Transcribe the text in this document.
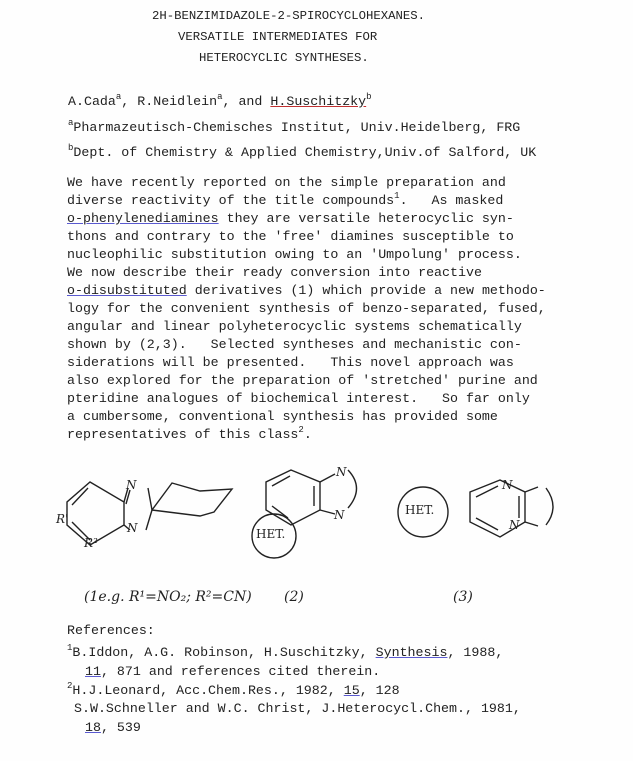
2H-BENZIMIDAZOLE-2-SPIROCYCLOHEXANES.
VERSATILE INTERMEDIATES FOR
HETEROCYCLIC SYNTHESES.
A.Cada$^a$, R.Neidlein$^a$, and H.Suschitzky$^b$
$^a$Pharmazeutisch-Chemisches Institut, Univ.Heidelberg, FRG
$^b$Dept. of Chemistry & Applied Chemistry,Univ.of Salford, UK
We have recently reported on the simple preparation and
diverse reactivity of the title compounds$^1$.   As masked
o-phenylenediamines they are versatile heterocyclic syn-
thons and contrary to the 'free' diamines susceptible to
nucleophilic substitution owing to an 'Umpolung' process.
We now describe their ready conversion into reactive
o-disubstituted derivatives (1) which provide a new methodo-
logy for the convenient synthesis of benzo-separated, fused,
angular and linear polyheterocyclic systems schematically
shown by (2,3).   Selected syntheses and mechanistic con-
siderations will be presented.   This novel approach was
also explored for the preparation of 'stretched' purine and
pteridine analogues of biochemical interest.   So far only
a cumbersome, conventional synthesis has provided some
representatives of this class$^2$.
N
N
R'
R²
N
N
HET.
HET.
N
N
(1e.g. R¹=NO₂; R²=CN) (2)	(3)
References:
$^1$B.Iddon, A.G. Robinson, H.Suschitzky, Synthesis, 1988,
11, 871 and references cited therein.
$^2$H.J.Leonard, Acc.Chem.Res., 1982, 15, 128
S.W.Schneller and W.C. Christ, J.Heterocycl.Chem., 1981,
18, 539
